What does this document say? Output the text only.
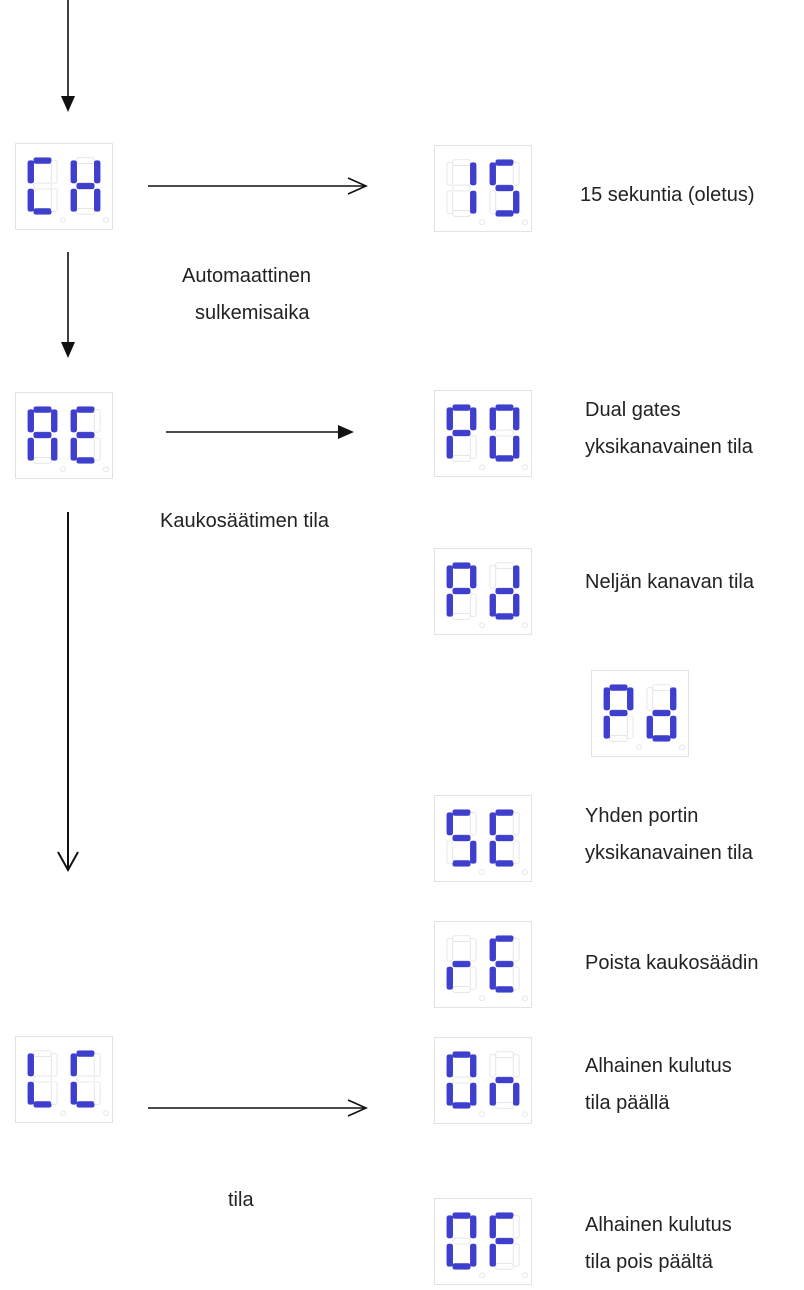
Automaattinen
sulkemisaika
Kaukosäätimen tila
tila
15 sekuntia (oletus)
Dual gates
yksikanavainen tila
Neljän kanavan tila
Yhden portin
yksikanavainen tila
Poista kaukosäädin
Alhainen kulutus
tila päällä
Alhainen kulutus
tila pois päältä
